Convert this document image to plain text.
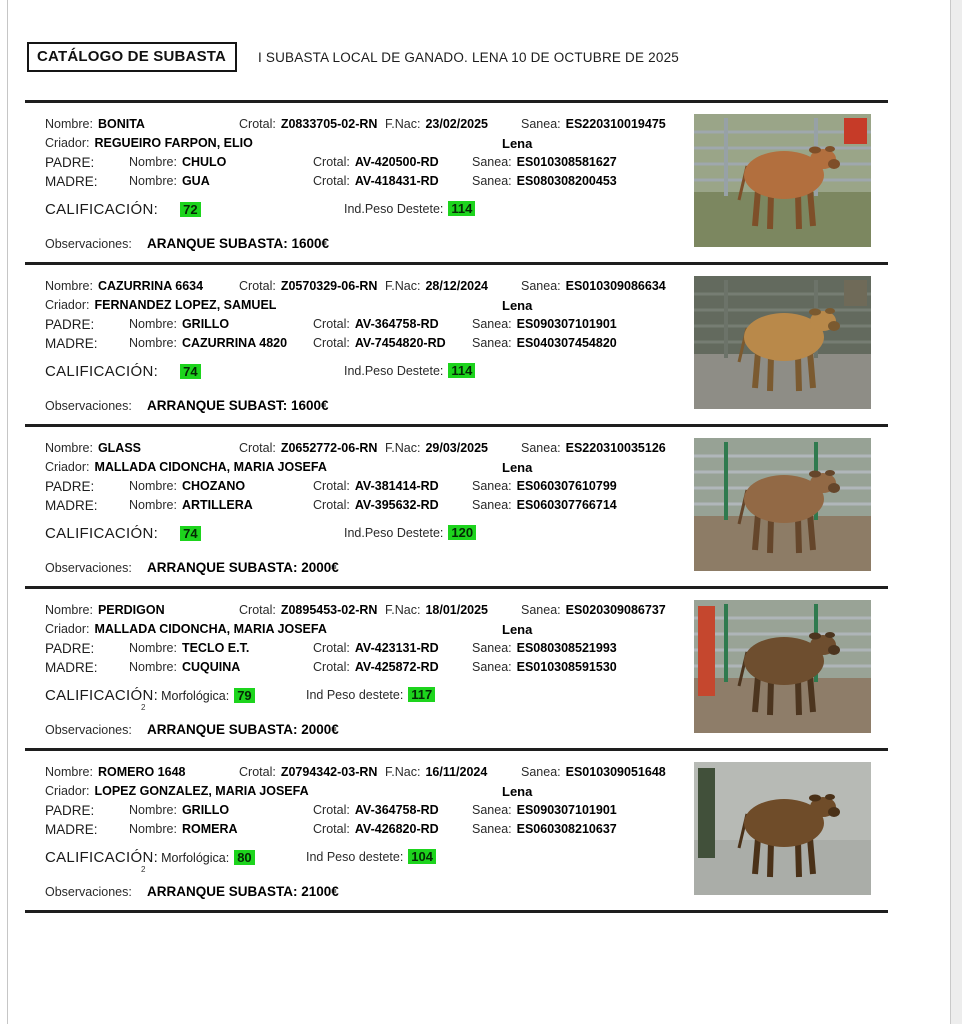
CATÁLOGO DE SUBASTA	I SUBASTA LOCAL DE GANADO. LENA 10 DE OCTUBRE DE 2025
Nombre: BONITA	Crotal: Z0833705-02-RN F.Nac: 23/02/2025	Sanea: ES220310019475
Criador: REGUEIRO FARPON, ELIO	Lena
PADRE:	Nombre: CHULO	Crotal: AV-420500-RD	Sanea: ES010308581627
MADRE:	Nombre: GUA	Crotal: AV-418431-RD	Sanea: ES080308200453
CALIFICACIÓN: 72	Ind.Peso Destete: 114
Observaciones: ARANQUE SUBASTA: 1600€
Nombre: CAZURRINA 6634	Crotal: Z0570329-06-RN F.Nac: 28/12/2024	Sanea: ES010309086634
Criador: FERNANDEZ LOPEZ, SAMUEL	Lena
PADRE:	Nombre: GRILLO	Crotal: AV-364758-RD	Sanea: ES090307101901
MADRE:	Nombre: CAZURRINA 4820 Crotal: AV-7454820-RD Sanea: ES040307454820
CALIFICACIÓN: 74	Ind.Peso Destete: 114
Observaciones: ARRANQUE SUBAST: 1600€
Nombre: GLASS	Crotal: Z0652772-06-RN F.Nac: 29/03/2025	Sanea: ES220310035126
Criador: MALLADA CIDONCHA, MARIA JOSEFA	Lena
PADRE:	Nombre: CHOZANO	Crotal: AV-381414-RD	Sanea: ES060307610799
MADRE:	Nombre: ARTILLERA	Crotal: AV-395632-RD	Sanea: ES060307766714
CALIFICACIÓN: 74	Ind.Peso Destete: 120
Observaciones: ARRANQUE SUBASTA: 2000€
Nombre: PERDIGON	Crotal: Z0895453-02-RN F.Nac: 18/01/2025	Sanea: ES020309086737
Criador: MALLADA CIDONCHA, MARIA JOSEFA	Lena
PADRE:	Nombre: TECLO E.T.	Crotal: AV-423131-RD	Sanea: ES080308521993
MADRE:	Nombre: CUQUINA	Crotal: AV-425872-RD	Sanea: ES010308591530
CALIFICACIÓN: Morfológica: 79
2
Ind Peso destete: 117
Observaciones: ARRANQUE SUBASTA: 2000€
Nombre: ROMERO 1648	Crotal: Z0794342-03-RN F.Nac: 16/11/2024	Sanea: ES010309051648
Criador: LOPEZ GONZALEZ, MARIA JOSEFA	Lena
PADRE:	Nombre: GRILLO	Crotal: AV-364758-RD	Sanea: ES090307101901
MADRE:	Nombre: ROMERA	Crotal: AV-426820-RD	Sanea: ES060308210637
CALIFICACIÓN: Morfológica: 80
2
Ind Peso destete: 104
Observaciones: ARRANQUE SUBASTA: 2100€
